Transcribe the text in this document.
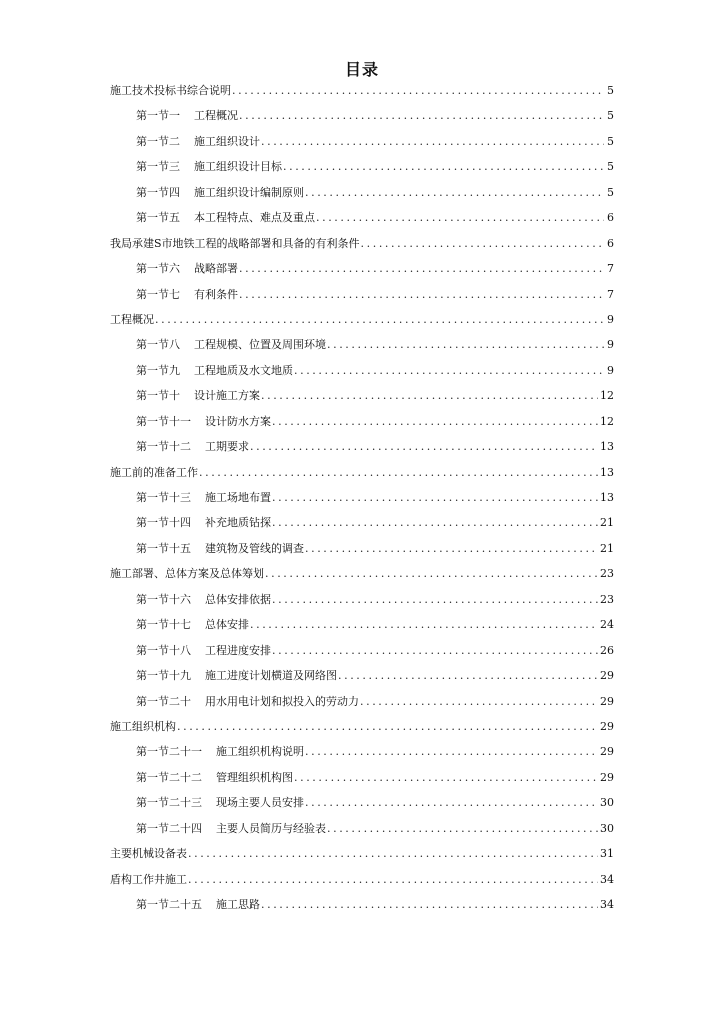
目录
施工技术投标书综合说明 .....	5
第一节一 工程概况 .....	5
第一节二 施工组织设计 .....	5
第一节三 施工组织设计目标 .....	5
第一节四 施工组织设计编制原则 .....	5
第一节五 本工程特点、难点及重点 .....	6
我局承建S市地铁工程的战略部署和具备的有利条件 .....	6
第一节六 战略部署 .....	7
第一节七 有利条件 .....	7
工程概况 .....	9
第一节八 工程规模、位置及周围环境 .....	9
第一节九 工程地质及水文地质 .....	9
第一节十 设计施工方案 .....	12
第一节十一 设计防水方案 .....	12
第一节十二 工期要求 .....	13
施工前的准备工作 .....	13
第一节十三 施工场地布置 .....	13
第一节十四 补充地质钻探 .....	21
第一节十五 建筑物及管线的调查 .....	21
施工部署、总体方案及总体筹划 .....	23
第一节十六 总体安排依据 .....	23
第一节十七 总体安排 .....	24
第一节十八 工程进度安排 .....	26
第一节十九 施工进度计划横道及网络图 .....	29
第一节二十 用水用电计划和拟投入的劳动力 .....	29
施工组织机构 .....	29
第一节二十一 施工组织机构说明 .....	29
第一节二十二 管理组织机构图 .....	29
第一节二十三 现场主要人员安排 .....	30
第一节二十四 主要人员简历与经验表 .....	30
主要机械设备表 .....	31
盾构工作井施工 .....	34
第一节二十五 施工思路 .....	34
